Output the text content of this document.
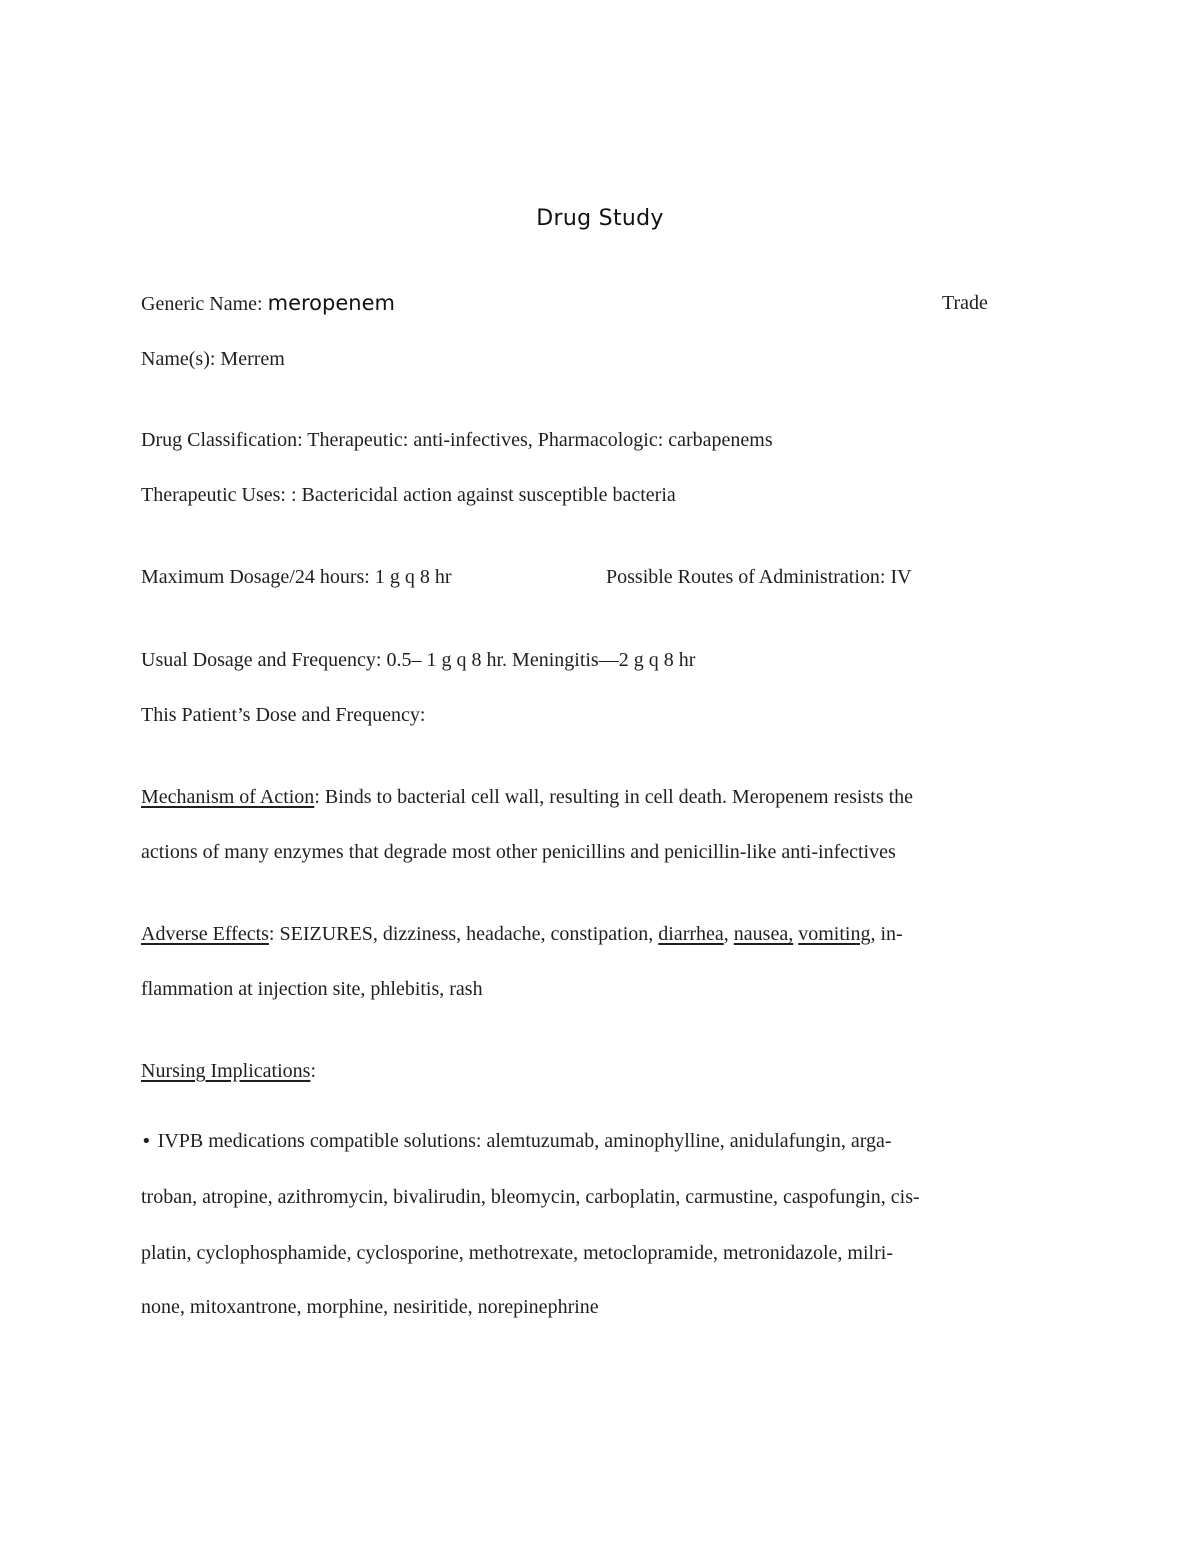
Drug Study
Generic Name: meropenem	Trade
Name(s): Merrem
Drug Classification: Therapeutic: anti-infectives, Pharmacologic: carbapenems
Therapeutic Uses: : Bactericidal action against susceptible bacteria
Maximum Dosage/24 hours: 1 g q 8 hr	Possible Routes of Administration: IV
Usual Dosage and Frequency: 0.5– 1 g q 8 hr. Meningitis—2 g q 8 hr
This Patient’s Dose and Frequency:
Mechanism of Action: Binds to bacterial cell wall, resulting in cell death. Meropenem resists the
actions of many enzymes that degrade most other penicillins and penicillin-like anti-infectives
Adverse Effects: SEIZURES, dizziness, headache, constipation, diarrhea, nausea, vomiting, in-
flammation at injection site, phlebitis, rash
Nursing Implications:
• IVPB medications compatible solutions: alemtuzumab, aminophylline, anidulafungin, arga-
troban, atropine, azithromycin, bivalirudin, bleomycin, carboplatin, carmustine, caspofungin, cis-
platin, cyclophosphamide, cyclosporine, methotrexate, metoclopramide, metronidazole, milri-
none, mitoxantrone, morphine, nesiritide, norepinephrine
